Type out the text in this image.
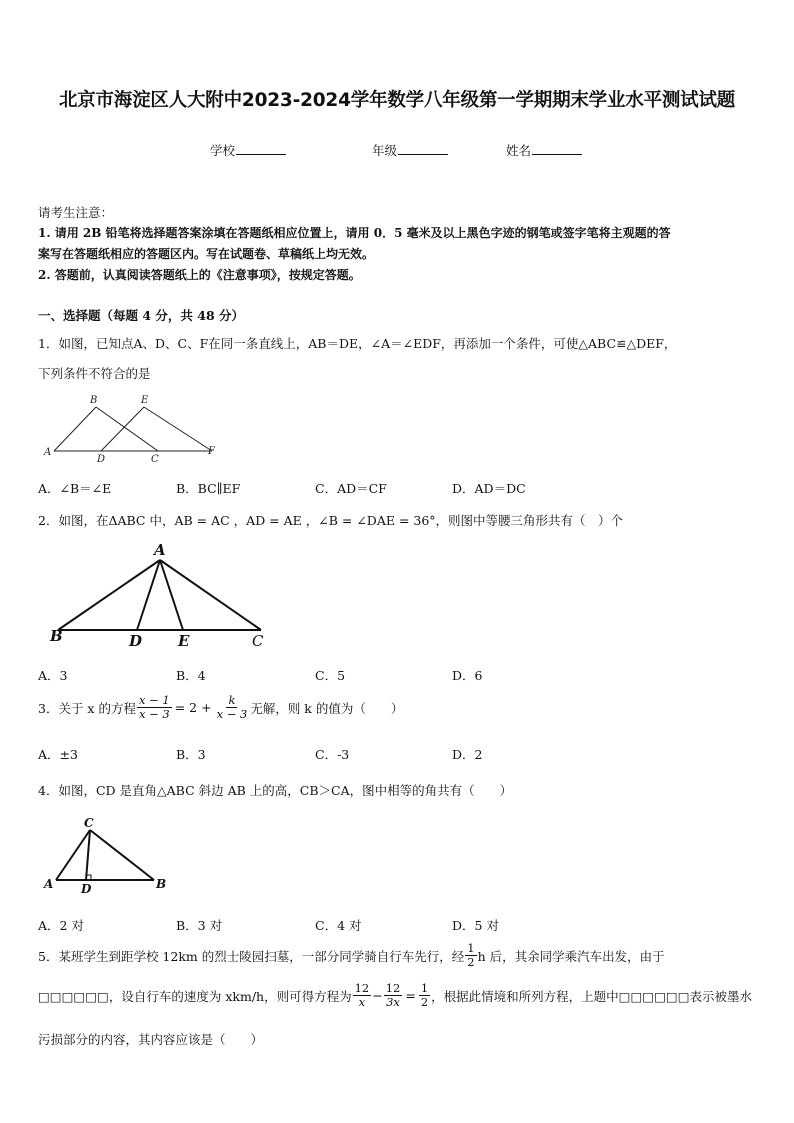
北京市海淀区人大附中2023-2024学年数学八年级第一学期期末学业水平测试试题
学校	年级	姓名
请考生注意：
1. 请用 2B 铅笔将选择题答案涂填在答题纸相应位置上，请用 0．5 毫米及以上黑色字迹的钢笔或签字笔将主观题的答
案写在答题纸相应的答题区内。写在试题卷、草稿纸上均无效。
2. 答题前，认真阅读答题纸上的《注意事项》，按规定答题。
一、选择题（每题 4 分，共 48 分）
1．如图，已知点A、D、C、F在同一条直线上，AB＝DE，∠A＝∠EDF，再添加一个条件，可使△ABC≌△DEF，
下列条件不符合的是
B	E
A
D	C
F
A．∠B＝∠E	B．BC∥EF	C．AD＝CF	D．AD＝DC
2．如图，在ΔABC 中，AB = AC ，AD = AE ，∠B = ∠DAE = 36°，则图中等腰三角形共有（　）个
A
B	D E	C
A．3	B．4	C．5	D．6
3．关于 x 的方程 $\frac{x - 1}{x - 3} = 2 + \frac{k}{x - 3}$ 无解，则 k 的值为（　　）
A．±3	B．3	C．-3	D．2
4．如图，CD 是直角△ABC 斜边 AB 上的高，CB＞CA，图中相等的角共有（　　）
C
A D	B
A．2 对	B．3 对	C．4 对	D．5 对
5．某班学生到距学校 12km 的烈士陵园扫墓，一部分同学骑自行车先行，经 $\frac{1}{2}$ h 后，其余同学乘汽车出发，由于
□□□□□□，设自行车的速度为 xkm/h，则可得方程为 $\frac{12}{x} - \frac{12}{3x} = \frac{1}{2}$ ，根据此情境和所列方程，上题中□□□□□□表示被墨水
污损部分的内容，其内容应该是（　　）
